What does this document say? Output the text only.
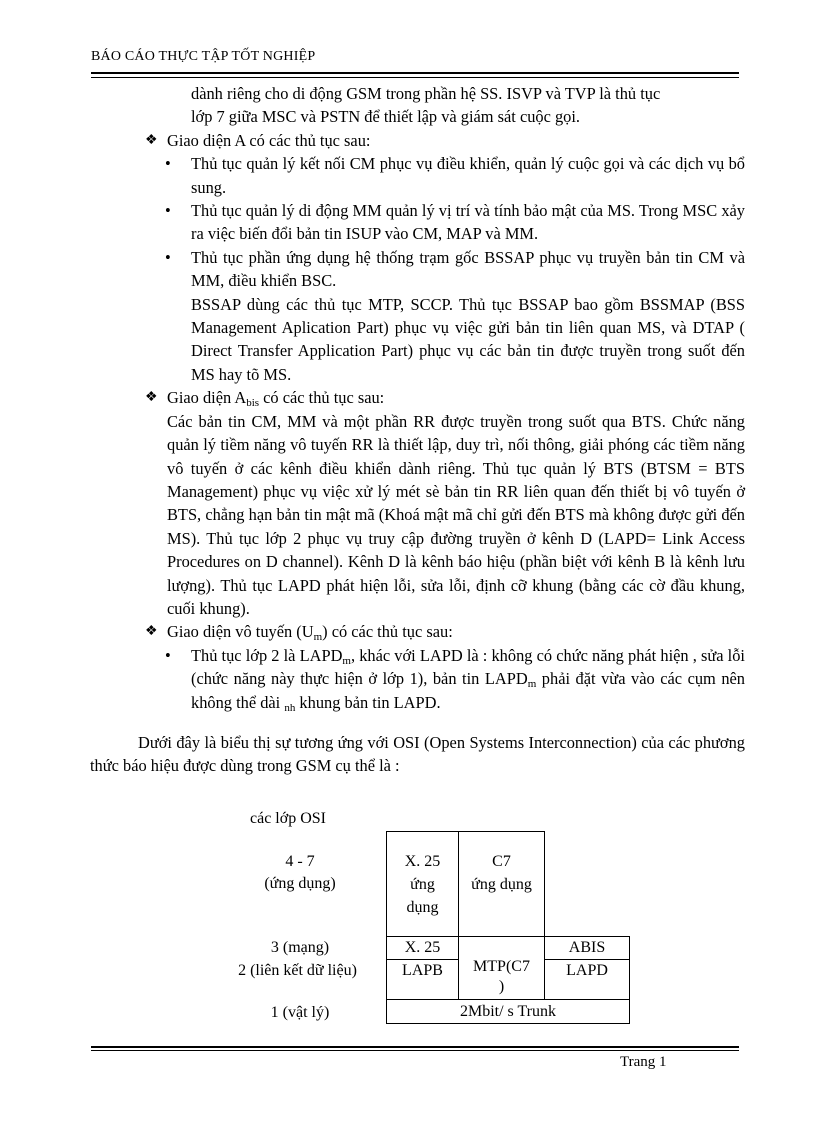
BÁO CÁO THỰC TẬP TỐT NGHIỆP
dành riêng cho di động GSM trong phần hệ SS. ISVP và TVP là thủ tục
lớp 7 giữa MSC và PSTN để thiết lập và giám sát cuộc gọi.
❖ Giao diện A có các thủ tục sau:
• Thủ tục quản lý kết nối CM phục vụ điều khiển, quản lý cuộc gọi và các dịch vụ bổ sung.
• Thủ tục quản lý di động MM quản lý vị trí và tính bảo mật của MS. Trong MSC xảy ra việc biến đổi bản tin ISUP vào CM, MAP và MM.
• Thủ tục phần ứng dụng hệ thống trạm gốc BSSAP phục vụ truyền bản tin CM và MM, điều khiển BSC.
BSSAP dùng các thủ tục MTP, SCCP. Thủ tục BSSAP bao gồm BSSMAP (BSS Management Aplication Part) phục vụ việc gửi bản tin liên quan MS, và DTAP ( Direct Transfer Application Part) phục vụ các bản tin được truyền trong suốt đến MS hay tõ MS.
❖ Giao diện $A_{bis}$ có các thủ tục sau:
Các bản tin CM, MM và một phần RR được truyền trong suốt qua BTS. Chức năng quản lý tiềm năng vô tuyến RR là thiết lập, duy trì, nối thông, giải phóng các tiềm năng vô tuyến ở các kênh điều khiển dành riêng. Thủ tục quản lý BTS (BTSM = BTS Management) phục vụ việc xử lý mét sè bản tin RR liên quan đến thiết bị vô tuyến ở BTS, chẳng hạn bản tin mật mã (Khoá mật mã chỉ gửi đến BTS mà không được gửi đến MS). Thủ tục lớp 2 phục vụ truy cập đường truyền ở kênh D (LAPD= Link Access Procedures on D channel). Kênh D là kênh báo hiệu (phần biệt với kênh B là kênh lưu lượng). Thủ tục LAPD phát hiện lỗi, sửa lỗi, định cỡ khung (bằng các cờ đầu khung, cuối khung).
❖ Giao diện vô tuyến $(U_m)$ có các thủ tục sau:
• Thủ tục lớp 2 là $LAPD_m$, khác với LAPD là : không có chức năng phát hiện , sửa lỗi (chức năng này thực hiện ở lớp 1), bản tin $LAPD_m$ phải đặt vừa vào các cụm nên không thể dài $_{nh}$ khung bản tin LAPD.
Dưới đây là biểu thị sự tương ứng với OSI (Open Systems Interconnection) của các phương thức báo hiệu được dùng trong GSM cụ thể là :
các lớp OSI
4 - 7
(ứng dụng)
3 (mạng)
2 (liên kết dữ liệu)
1 (vật lý)
X. 25
ứng
dụng
C7
ứng dụng
X. 25
LAPB	MTP(C7
)
ABIS
LAPD
2Mbit/ s Trunk
Trang 1
